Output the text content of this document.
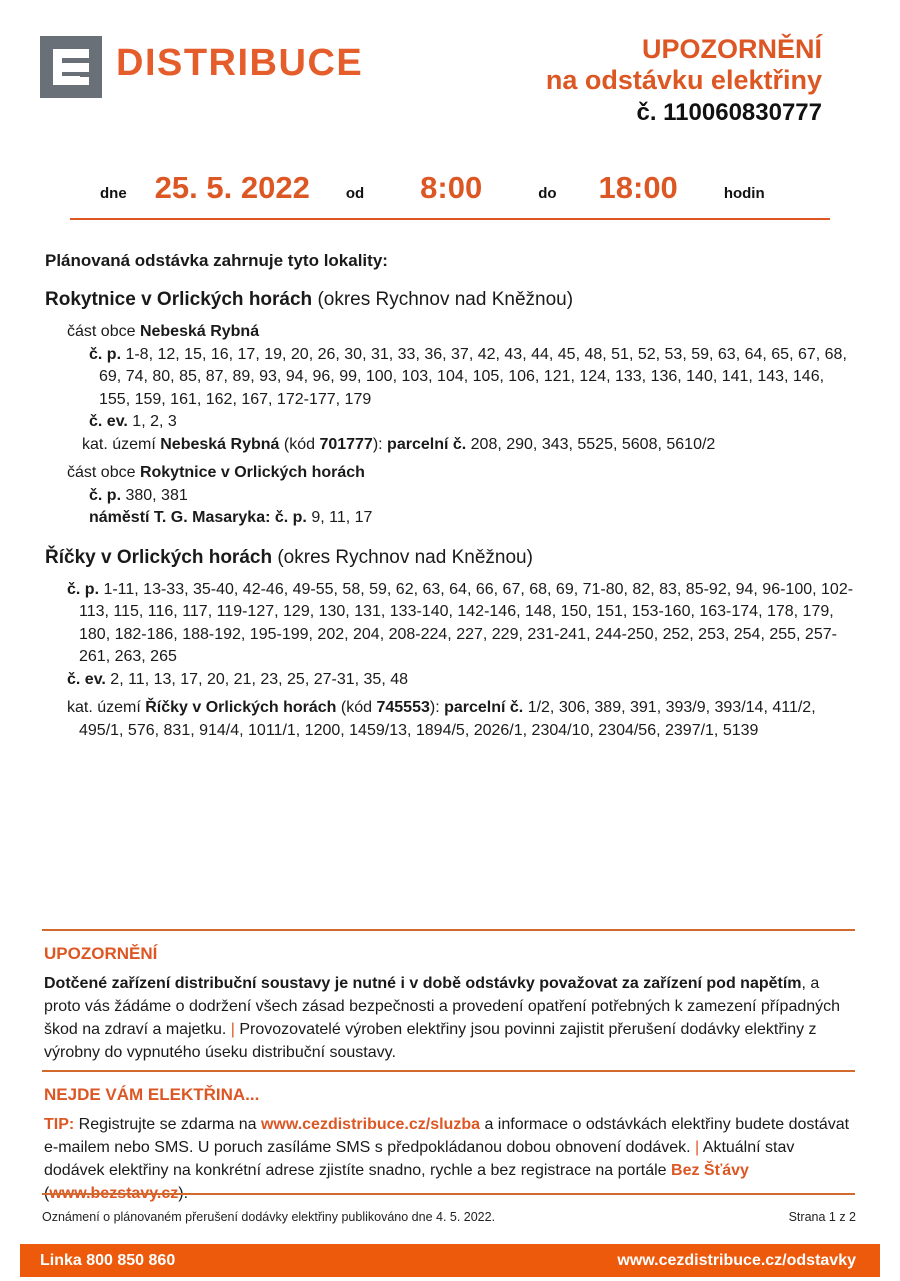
DISTRIBUCE	UPOZORNĚNÍ
na odstávku elektřiny
č. 110060830777
dne 25. 5. 2022 od 8:00	do 18:00	hodin
Plánovaná odstávka zahrnuje tyto lokality:
Rokytnice v Orlických horách (okres Rychnov nad Kněžnou)
část obce Nebeská Rybná
č. p. 1-8, 12, 15, 16, 17, 19, 20, 26, 30, 31, 33, 36, 37, 42, 43, 44, 45, 48, 51, 52, 53, 59, 63, 64, 65, 67, 68, 69, 74, 80, 85, 87, 89, 93, 94, 96, 99, 100, 103, 104, 105, 106, 121, 124, 133, 136, 140, 141, 143, 146, 155, 159, 161, 162, 167, 172-177, 179
č. ev. 1, 2, 3
kat. území Nebeská Rybná (kód 701777): parcelní č. 208, 290, 343, 5525, 5608, 5610/2
část obce Rokytnice v Orlických horách
č. p. 380, 381
náměstí T. G. Masaryka: č. p. 9, 11, 17
Říčky v Orlických horách (okres Rychnov nad Kněžnou)
č. p. 1-11, 13-33, 35-40, 42-46, 49-55, 58, 59, 62, 63, 64, 66, 67, 68, 69, 71-80, 82, 83, 85-92, 94, 96-100, 102-113, 115, 116, 117, 119-127, 129, 130, 131, 133-140, 142-146, 148, 150, 151, 153-160, 163-174, 178, 179, 180, 182-186, 188-192, 195-199, 202, 204, 208-224, 227, 229, 231-241, 244-250, 252, 253, 254, 255, 257-261, 263, 265
č. ev. 2, 11, 13, 17, 20, 21, 23, 25, 27-31, 35, 48
kat. území Říčky v Orlických horách (kód 745553): parcelní č. 1/2, 306, 389, 391, 393/9, 393/14, 411/2, 495/1, 576, 831, 914/4, 1011/1, 1200, 1459/13, 1894/5, 2026/1, 2304/10, 2304/56, 2397/1, 5139
UPOZORNĚNÍ

Dotčené zařízení distribuční soustavy je nutné i v době odstávky považovat za zařízení pod napětím, a proto vás žádáme o dodržení všech zásad bezpečnosti a provedení opatření potřebných k zamezení případných škod na zdraví a majetku. | Provozovatelé výroben elektřiny jsou povinni zajistit přerušení dodávky elektřiny z výrobny do vypnutého úseku distribuční soustavy.

NEJDE VÁM ELEKTŘINA...

TIP: Registrujte se zdarma na www.cezdistribuce.cz/sluzba a informace o odstávkách elektřiny budete dostávat e-mailem nebo SMS. U poruch zasíláme SMS s předpokládanou dobou obnovení dodávek. | Aktuální stav dodávek elektřiny na konkrétní adrese zjistíte snadno, rychle a bez registrace na portále Bez Šťávy (www.bezstavy.cz).

Oznámení o plánovaném přerušení dodávky elektřiny publikováno dne 4. 5. 2022.	Strana 1 z 2
Linka 800 850 860	www.cezdistribuce.cz/odstavky
